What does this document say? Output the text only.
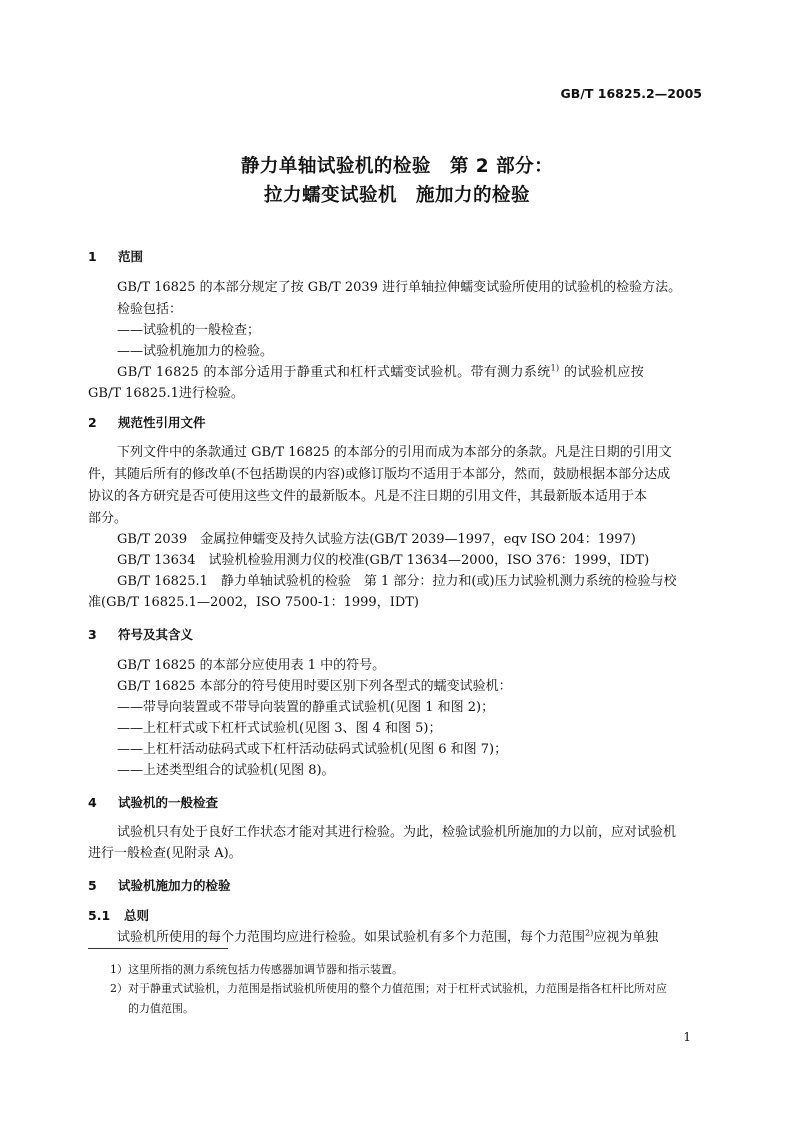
GB/T 16825.2—2005
静力单轴试验机的检验　第 2 部分：
拉力蠕变试验机　施加力的检验
1 范围
GB/T 16825 的本部分规定了按 GB/T 2039 进行单轴拉伸蠕变试验所使用的试验机的检验方法。
检验包括：
——试验机的一般检查；
——试验机施加力的检验。
GB/T 16825 的本部分适用于静重式和杠杆式蠕变试验机。带有测力系统$^{1)}$ 的试验机应按
GB/T 16825.1进行检验。
2 规范性引用文件
下列文件中的条款通过 GB/T 16825 的本部分的引用而成为本部分的条款。凡是注日期的引用文
件，其随后所有的修改单(不包括勘误的内容)或修订版均不适用于本部分，然而，鼓励根据本部分达成
协议的各方研究是否可使用这些文件的最新版本。凡是不注日期的引用文件，其最新版本适用于本
部分。
GB/T 2039　金属拉伸蠕变及持久试验方法(GB/T 2039—1997，eqv ISO 204：1997)
GB/T 13634　试验机检验用测力仪的校准(GB/T 13634—2000，ISO 376：1999，IDT)
GB/T 16825.1　静力单轴试验机的检验　第 1 部分：拉力和(或)压力试验机测力系统的检验与校
准(GB/T 16825.1—2002，ISO 7500-1：1999，IDT)
3 符号及其含义
GB/T 16825 的本部分应使用表 1 中的符号。
GB/T 16825 本部分的符号使用时要区别下列各型式的蠕变试验机：
——带导向装置或不带导向装置的静重式试验机(见图 1 和图 2)；
——上杠杆式或下杠杆式试验机(见图 3、图 4 和图 5)；
——上杠杆活动砝码式或下杠杆活动砝码式试验机(见图 6 和图 7)；
——上述类型组合的试验机(见图 8)。
4 试验机的一般检查
试验机只有处于良好工作状态才能对其进行检验。为此，检验试验机所施加的力以前，应对试验机
进行一般检查(见附录 A)。
5 试验机施加力的检验
5.1 总则
试验机所使用的每个力范围均应进行检验。如果试验机有多个力范围，每个力范围$^{2)}$应视为单独
1）这里所指的测力系统包括力传感器加调节器和指示装置。
2）对于静重式试验机，力范围是指试验机所使用的整个力值范围；对于杠杆式试验机，力范围是指各杠杆比所对应
的力值范围。
1
